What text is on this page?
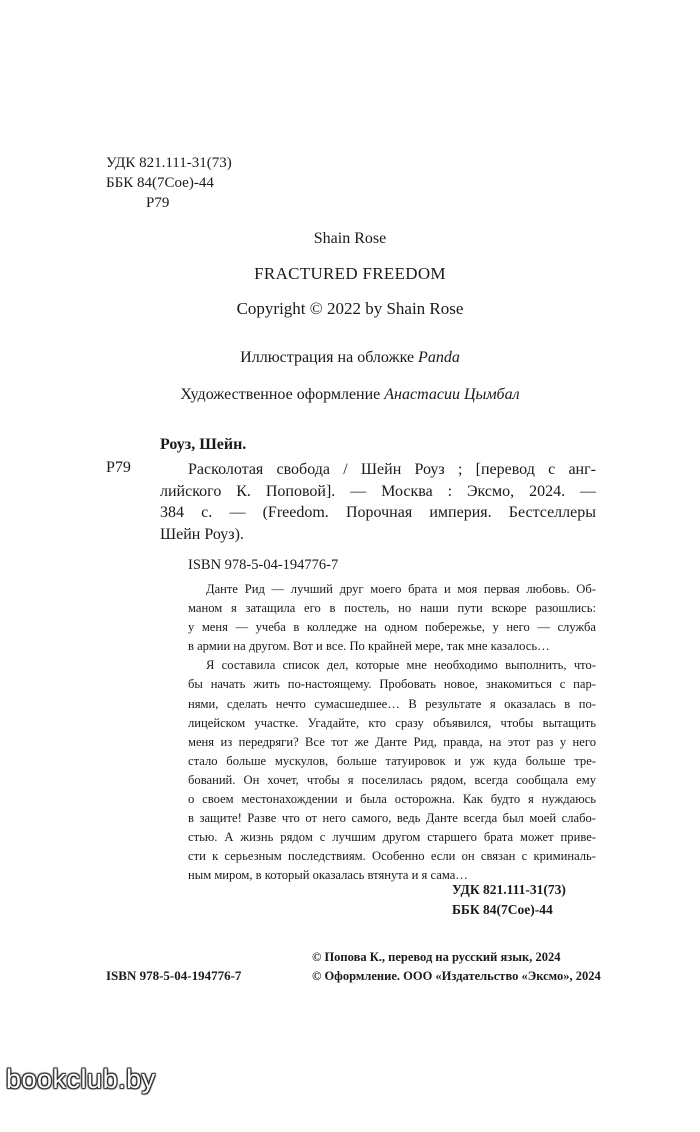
УДК 821.111-31(73)
ББК 84(7Сое)-44
Р79
Shain Rose
FRACTURED FREEDOM
Copyright © 2022 by Shain Rose
Иллюстрация на обложке Panda
Художественное оформление Анастасии Цымбал
Роуз, Шейн.
Р79	Расколотая свобода / Шейн Роуз ; [перевод с анг-

лийского К. Поповой]. — Москва : Эксмо, 2024. —

384 с. — (Freedom. Порочная империя. Бестселлеры

Шейн Роуз).

ISBN 978-5-04-194776-7

Данте Рид — лучший друг моего брата и моя первая любовь. Об-

маном я затащила его в постель, но наши пути вскоре разошлись:

у меня — учеба в колледже на одном побережье, у него — служба

в армии на другом. Вот и все. По крайней мере, так мне казалось…

Я составила список дел, которые мне необходимо выполнить, что-

бы начать жить по-настоящему. Пробовать новое, знакомиться с пар-

нями, сделать нечто сумасшедшее… В результате я оказалась в по-

лицейском участке. Угадайте, кто сразу объявился, чтобы вытащить

меня из передряги? Все тот же Данте Рид, правда, на этот раз у него

стало больше мускулов, больше татуировок и уж куда больше тре-

бований. Он хочет, чтобы я поселилась рядом, всегда сообщала ему

о своем местонахождении и была осторожна. Как будто я нуждаюсь

в защите! Разве что от него самого, ведь Данте всегда был моей слабо-

стью. А жизнь рядом с лучшим другом старшего брата может приве-

сти к серьезным последствиям. Особенно если он связан с криминаль-

ным миром, в который оказалась втянута и я сама…

УДК 821.111-31(73)
ББК 84(7Сое)-44
ISBN 978-5-04-194776-7
© Попова К., перевод на русский язык, 2024
© Оформление. ООО «Издательство «Эксмо», 2024
bookclub.by
